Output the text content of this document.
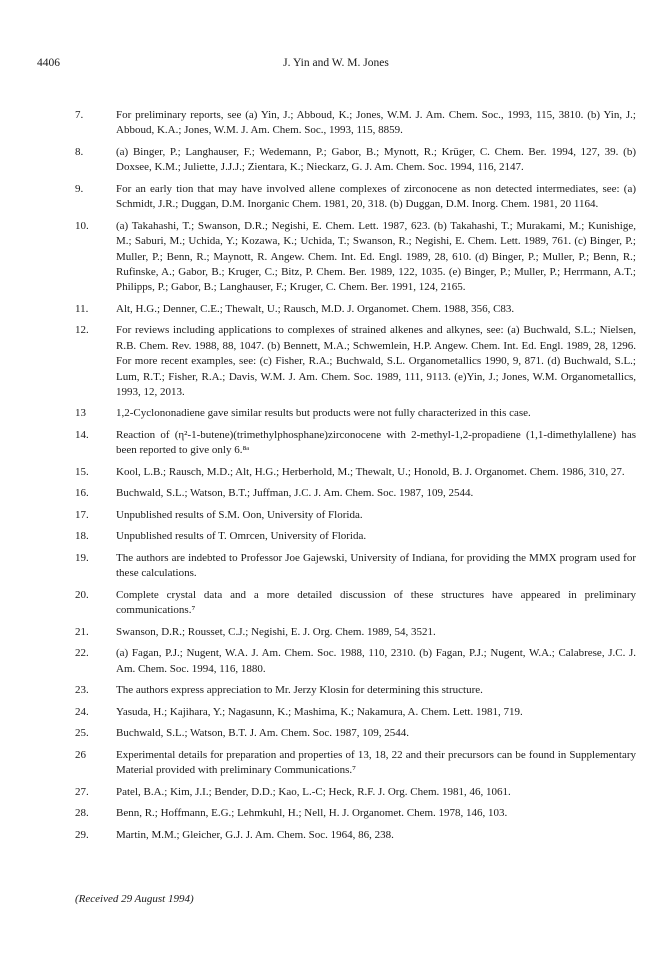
4406	J. Yin and W. M. Jones
7.	For preliminary reports, see (a) Yin, J.; Abboud, K.; Jones, W.M. J. Am. Chem. Soc., 1993, 115, 3810. (b) Yin, J.; Abboud, K.A.; Jones, W.M. J. Am. Chem. Soc., 1993, 115, 8859.
8.	(a) Binger, P.; Langhauser, F.; Wedemann, P.; Gabor, B.; Mynott, R.; Krüger, C. Chem. Ber. 1994, 127, 39. (b) Doxsee, K.M.; Juliette, J.J.J.; Zientara, K.; Nieckarz, G. J. Am. Chem. Soc. 1994, 116, 2147.
9.	For an early tion that may have involved allene complexes of zirconocene as non detected intermediates, see: (a) Schmidt, J.R.; Duggan, D.M. Inorganic Chem. 1981, 20, 318. (b) Duggan, D.M. Inorg. Chem. 1981, 20 1164.
10. (a) Takahashi, T.; Swanson, D.R.; Negishi, E. Chem. Lett. 1987, 623. (b) Takahashi, T.; Murakami, M.; Kunishige, M.; Saburi, M.; Uchida, Y.; Kozawa, K.; Uchida, T.; Swanson, R.; Negishi, E. Chem. Lett. 1989, 761. (c) Binger, P.; Muller, P.; Benn, R.; Maynott, R. Angew. Chem. Int. Ed. Engl. 1989, 28, 610. (d) Binger, P.; Muller, P.; Benn, R.; Rufinske, A.; Gabor, B.; Kruger, C.; Bitz, P. Chem. Ber. 1989, 122, 1035. (e) Binger, P.; Muller, P.; Herrmann, A.T.; Philipps, P.; Gabor, B.; Langhauser, F.; Kruger, C. Chem. Ber. 1991, 124, 2165.
11.	Alt, H.G.; Denner, C.E.; Thewalt, U.; Rausch, M.D. J. Organomet. Chem. 1988, 356, C83.
12. For reviews including applications to complexes of strained alkenes and alkynes, see: (a) Buchwald, S.L.; Nielsen, R.B. Chem. Rev. 1988, 88, 1047. (b) Bennett, M.A.; Schwemlein, H.P. Angew. Chem. Int. Ed. Engl. 1989, 28, 1296. For more recent examples, see: (c) Fisher, R.A.; Buchwald, S.L. Organometallics 1990, 9, 871. (d) Buchwald, S.L.; Lum, R.T.; Fisher, R.A.; Davis, W.M. J. Am. Chem. Soc. 1989, 111, 9113. (e)Yin, J.; Jones, W.M. Organometallics, 1993, 12, 2013.
13	1,2-Cyclononadiene gave similar results but products were not fully characterized in this case.
14. Reaction of (η²-1-butene)(trimethylphosphane)zirconocene with 2-methyl-1,2-propadiene (1,1-dimethylallene) has been reported to give only 6.⁸ᵃ
15. Kool, L.B.; Rausch, M.D.; Alt, H.G.; Herberhold, M.; Thewalt, U.; Honold, B. J. Organomet. Chem. 1986, 310, 27.
16. Buchwald, S.L.; Watson, B.T.; Juffman, J.C. J. Am. Chem. Soc. 1987, 109, 2544.
17. Unpublished results of S.M. Oon, University of Florida.
18. Unpublished results of T. Omrcen, University of Florida.
19. The authors are indebted to Professor Joe Gajewski, University of Indiana, for providing the MMX program used for these calculations.
20. Complete crystal data and a more detailed discussion of these structures have appeared in preliminary communications.⁷
21. Swanson, D.R.; Rousset, C.J.; Negishi, E. J. Org. Chem. 1989, 54, 3521.
22. (a) Fagan, P.J.; Nugent, W.A. J. Am. Chem. Soc. 1988, 110, 2310. (b) Fagan, P.J.; Nugent, W.A.; Calabrese, J.C. J. Am. Chem. Soc. 1994, 116, 1880.
23. The authors express appreciation to Mr. Jerzy Klosin for determining this structure.
24. Yasuda, H.; Kajihara, Y.; Nagasunn, K.; Mashima, K.; Nakamura, A. Chem. Lett. 1981, 719.
25. Buchwald, S.L.; Watson, B.T. J. Am. Chem. Soc. 1987, 109, 2544.
26	Experimental details for preparation and properties of 13, 18, 22 and their precursors can be found in Supplementary Material provided with preliminary Communications.⁷
27. Patel, B.A.; Kim, J.I.; Bender, D.D.; Kao, L.-C; Heck, R.F. J. Org. Chem. 1981, 46, 1061.
28. Benn, R.; Hoffmann, E.G.; Lehmkuhl, H.; Nell, H. J. Organomet. Chem. 1978, 146, 103.
29. Martin, M.M.; Gleicher, G.J. J. Am. Chem. Soc. 1964, 86, 238.
(Received 29 August 1994)
